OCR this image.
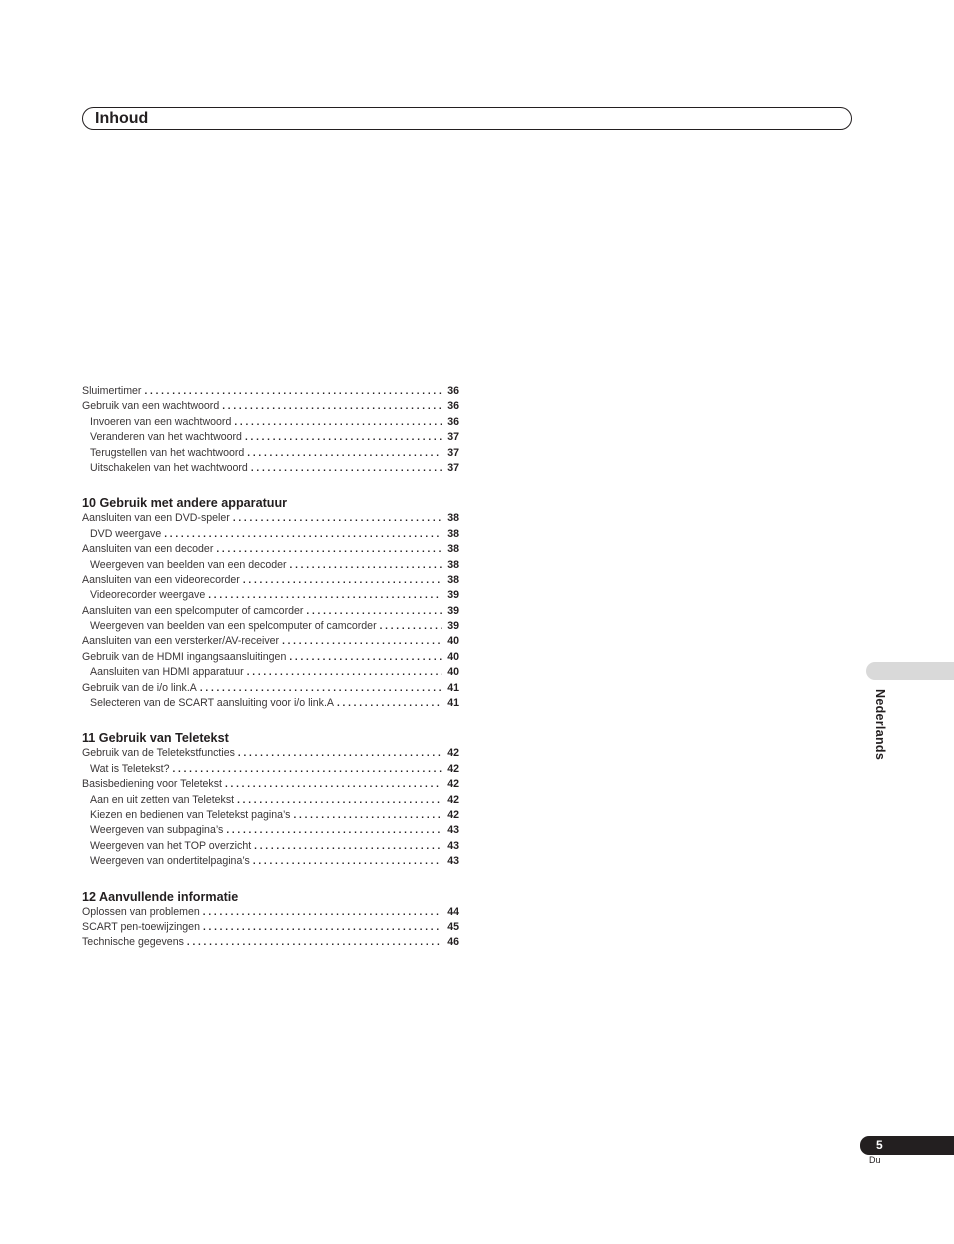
Inhoud
Sluimertimer . . .	36
Gebruik van een wachtwoord . . .	36
Invoeren van een wachtwoord . . .	36
Veranderen van het wachtwoord . . .	37
Terugstellen van het wachtwoord . . .	37
Uitschakelen van het wachtwoord . . .	37
10 Gebruik met andere apparatuur
Aansluiten van een DVD-speler . . .	38
DVD weergave . . .	38
Aansluiten van een decoder . . .	38
Weergeven van beelden van een decoder . . .	38
Aansluiten van een videorecorder . . .	38
Videorecorder weergave . . .	39
Aansluiten van een spelcomputer of camcorder . . .	39
Weergeven van beelden van een spelcomputer of camcorder . . .	39
Aansluiten van een versterker/AV-receiver . . .	40
Gebruik van de HDMI ingangsaansluitingen . . .	40
Aansluiten van HDMI apparatuur . . .	40
Gebruik van de i/o link.A . . .	41
Selecteren van de SCART aansluiting voor i/o link.A . . .	41
11 Gebruik van Teletekst
Gebruik van de Teletekstfuncties . . .	42
Wat is Teletekst? . . .	42
Basisbediening voor Teletekst . . .	42
Aan en uit zetten van Teletekst . . .	42
Kiezen en bedienen van Teletekst pagina’s . . .	42
Weergeven van subpagina’s . . .	43
Weergeven van het TOP overzicht . . .	43
Weergeven van ondertitelpagina’s . . .	43
12 Aanvullende informatie
Oplossen van problemen . . .	44
SCART pen-toewijzingen . . .	45
Technische gegevens . . .	46
Nederlands
5
Du
